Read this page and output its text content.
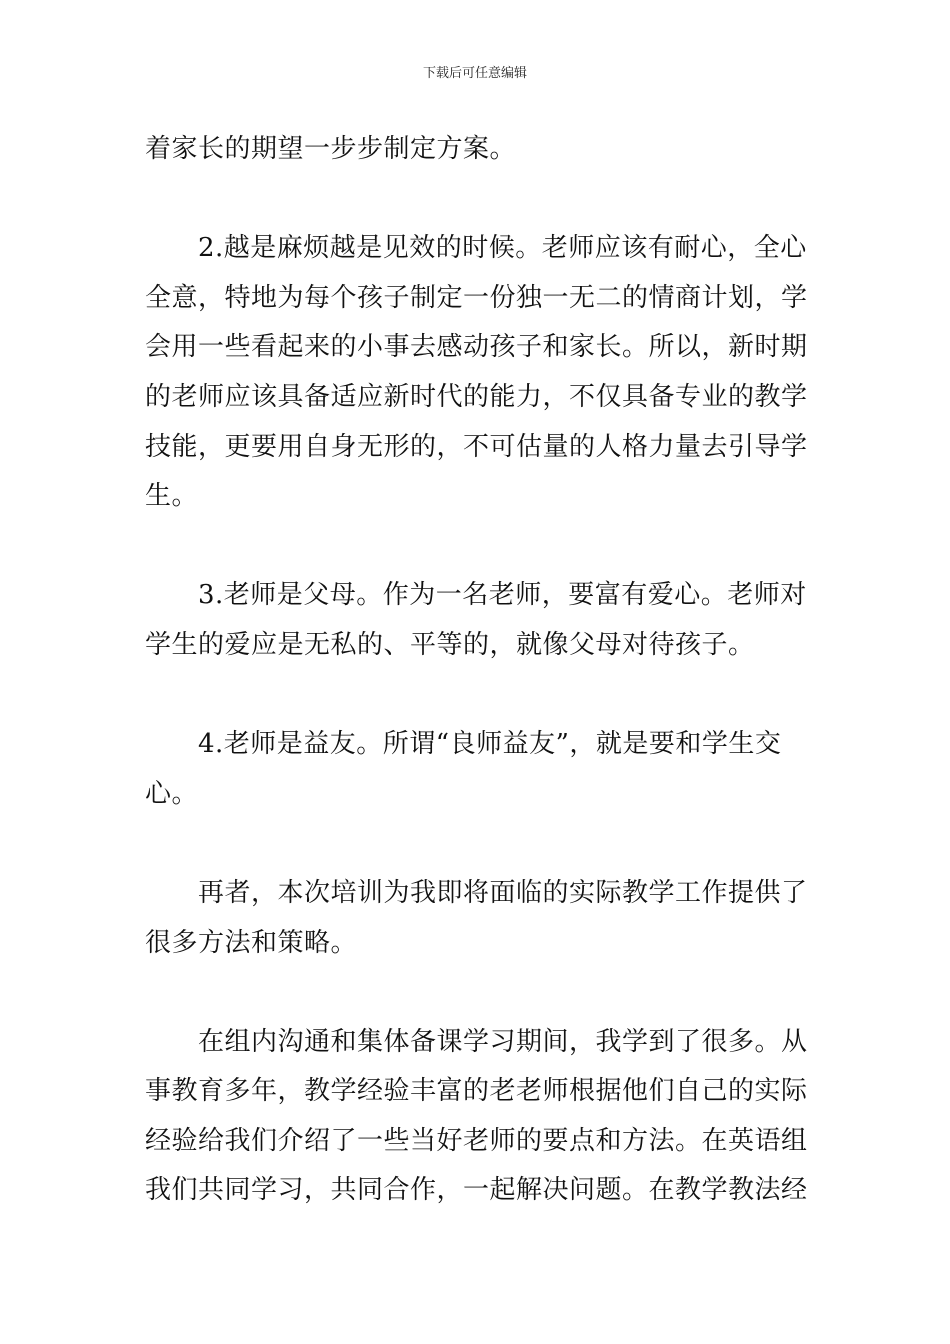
下载后可任意编辑

着家长的期望一步步制定方案。

2.越是麻烦越是见效的时候。老师应该有耐心，全心全意，特地为每个孩子制定一份独一无二的情商计划，学会用一些看起来的小事去感动孩子和家长。所以，新时期的老师应该具备适应新时代的能力，不仅具备专业的教学技能，更要用自身无形的，不可估量的人格力量去引导学生。

3.老师是父母。作为一名老师，要富有爱心。老师对学生的爱应是无私的、平等的，就像父母对待孩子。

4.老师是益友。所谓“良师益友”，就是要和学生交心。

再者，本次培训为我即将面临的实际教学工作提供了很多方法和策略。

在组内沟通和集体备课学习期间，我学到了很多。从事教育多年，教学经验丰富的老老师根据他们自己的实际经验给我们介绍了一些当好老师的要点和方法。在英语组我们共同学习，共同合作，一起解决问题。在教学教法经
